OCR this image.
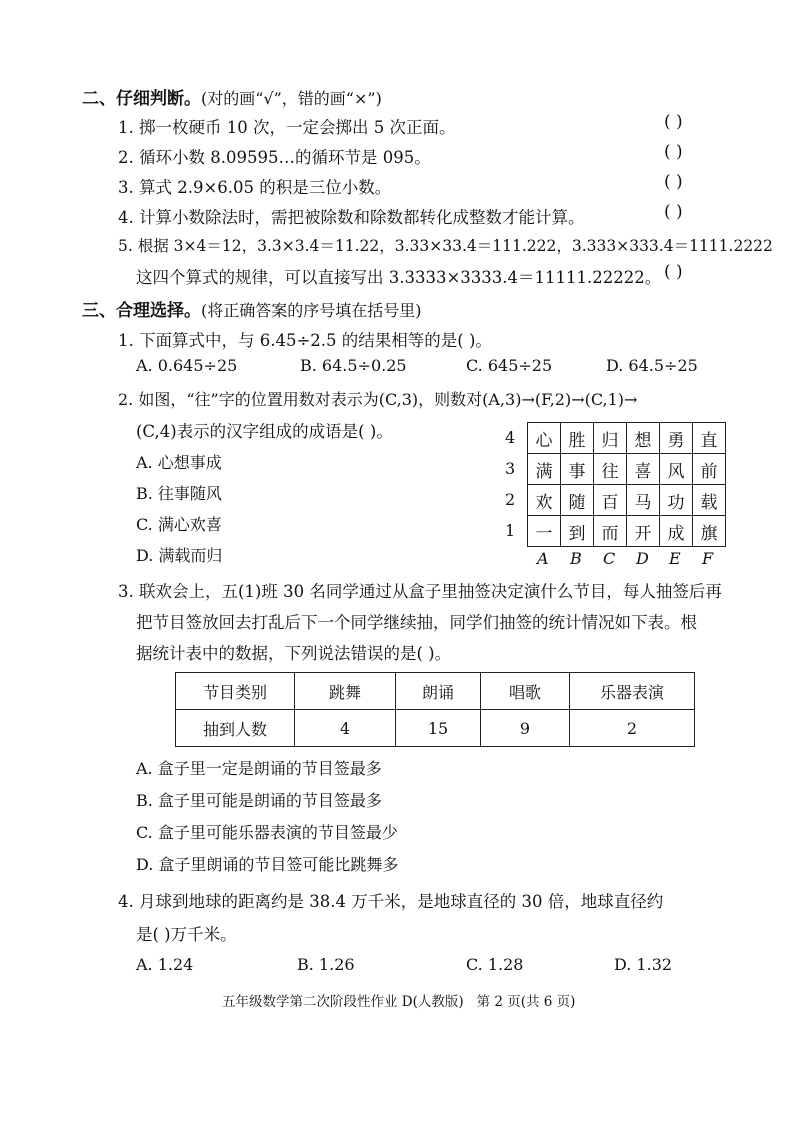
二、仔细判断。(对的画“√”，错的画“×”)
1. 掷一枚硬币 10 次，一定会掷出 5 次正面。	( )
2. 循环小数 8.09595…的循环节是 095。	( )
3. 算式 2.9×6.05 的积是三位小数。	( )
4. 计算小数除法时，需把被除数和除数都转化成整数才能计算。	( )
5. 根据 3×4＝12，3.3×3.4＝11.22，3.33×33.4＝111.222，3.333×333.4＝1111.2222
这四个算式的规律，可以直接写出 3.3333×3333.4＝11111.22222。 ( )
三、合理选择。(将正确答案的序号填在括号里)
1. 下面算式中，与 6.45÷2.5 的结果相等的是( )。
A. 0.645÷25	B. 64.5÷0.25	C. 645÷25	D. 64.5÷25
2. 如图，“往”字的位置用数对表示为(C,3)，则数对(A,3)→(F,2)→(C,1)→
(C,4)表示的汉字组成的成语是( )。
A. 心想事成
B. 往事随风
C. 满心欢喜
D. 满载而归
4
3
2
1
心	胜	归	想	勇	直
满	事	往	喜	风	前
欢	随	百	马	功	载
一	到	而	开	成	旗
A B C D E F
3. 联欢会上，五(1)班 30 名同学通过从盒子里抽签决定演什么节目，每人抽签后再
把节目签放回去打乱后下一个同学继续抽，同学们抽签的统计情况如下表。根
据统计表中的数据，下列说法错误的是( )。
节目类别	跳舞	朗诵	唱歌	乐器表演
抽到人数	4	15	9	2
A. 盒子里一定是朗诵的节目签最多
B. 盒子里可能是朗诵的节目签最多
C. 盒子里可能乐器表演的节目签最少
D. 盒子里朗诵的节目签可能比跳舞多
4. 月球到地球的距离约是 38.4 万千米，是地球直径的 30 倍，地球直径约
是( )万千米。
A. 1.24	B. 1.26	C. 1.28	D. 1.32
五年级数学第二次阶段性作业 D(人教版)   第 2 页(共 6 页)
